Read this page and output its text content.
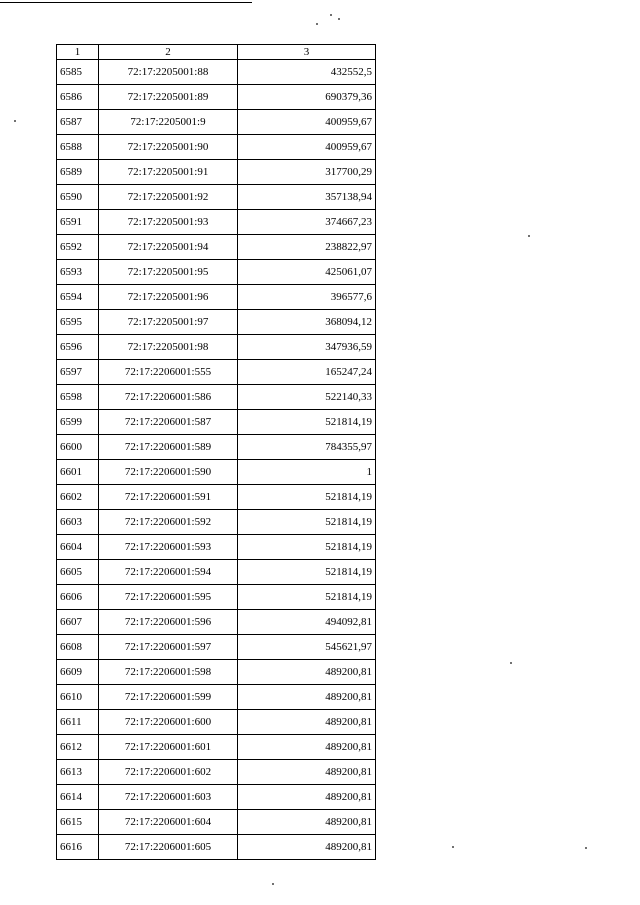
1	2	3
6585	72:17:2205001:88	432552,5
6586	72:17:2205001:89	690379,36
6587	72:17:2205001:9	400959,67
6588	72:17:2205001:90	400959,67
6589	72:17:2205001:91	317700,29
6590	72:17:2205001:92	357138,94
6591	72:17:2205001:93	374667,23
6592	72:17:2205001:94	238822,97
6593	72:17:2205001:95	425061,07
6594	72:17:2205001:96	396577,6
6595	72:17:2205001:97	368094,12
6596	72:17:2205001:98	347936,59
6597	72:17:2206001:555	165247,24
6598	72:17:2206001:586	522140,33
6599	72:17:2206001:587	521814,19
6600	72:17:2206001:589	784355,97
6601	72:17:2206001:590	1
6602	72:17:2206001:591	521814,19
6603	72:17:2206001:592	521814,19
6604	72:17:2206001:593	521814,19
6605	72:17:2206001:594	521814,19
6606	72:17:2206001:595	521814,19
6607	72:17:2206001:596	494092,81
6608	72:17:2206001:597	545621,97
6609	72:17:2206001:598	489200,81
6610	72:17:2206001:599	489200,81
6611	72:17:2206001:600	489200,81
6612	72:17:2206001:601	489200,81
6613	72:17:2206001:602	489200,81
6614	72:17:2206001:603	489200,81
6615	72:17:2206001:604	489200,81
6616	72:17:2206001:605	489200,81
